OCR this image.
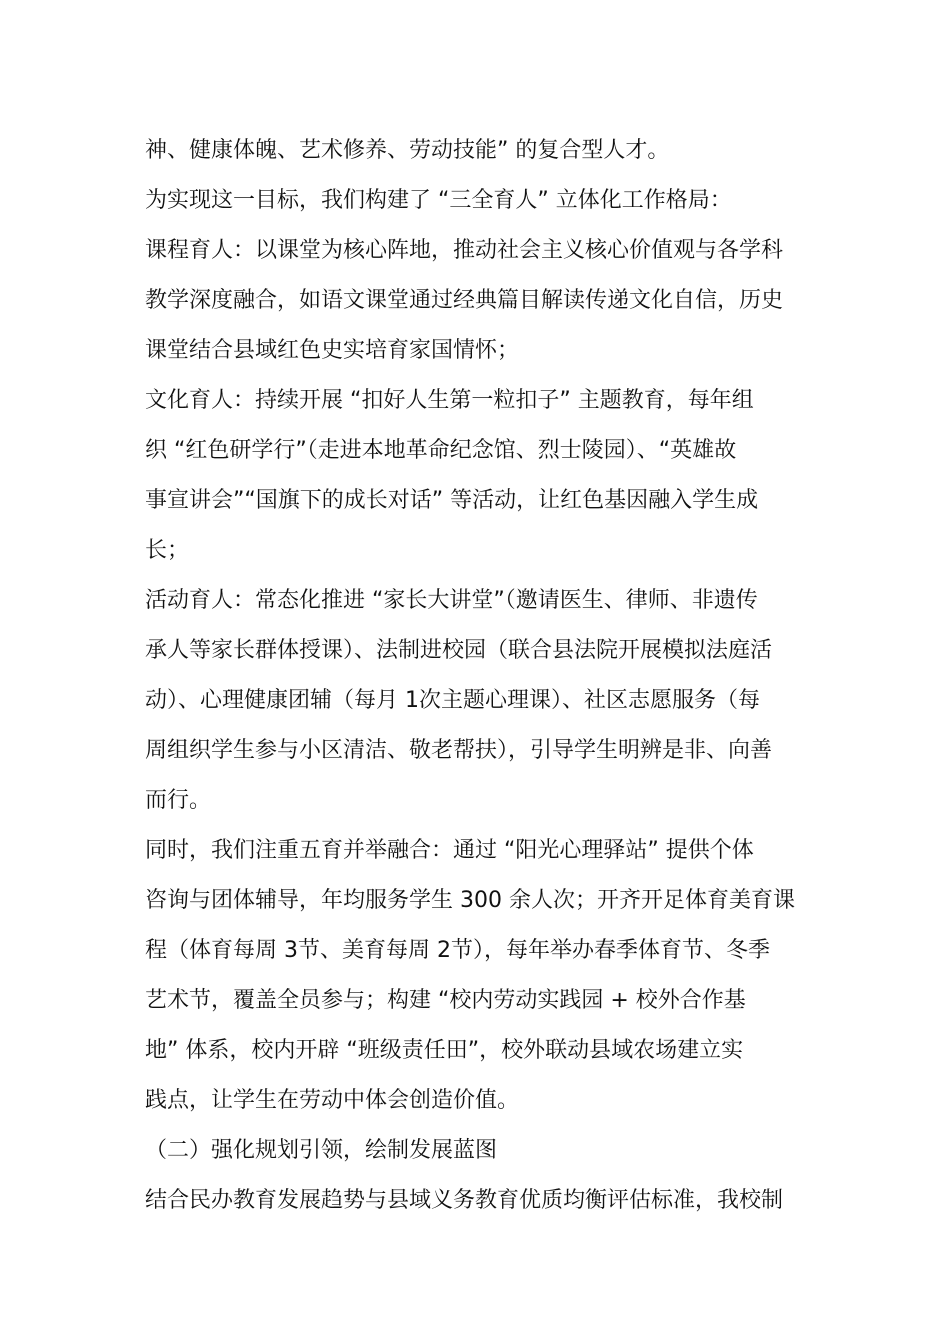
神、健康体魄、艺术修养、劳动技能” 的复合型人才。
为实现这一目标，我们构建了 “三全育人” 立体化工作格局：
课程育人：以课堂为核心阵地，推动社会主义核心价值观与各学科
教学深度融合，如语文课堂通过经典篇目解读传递文化自信，历史
课堂结合县域红色史实培育家国情怀；
文化育人：持续开展 “扣好人生第一粒扣子” 主题教育，每年组
织 “红色研学行”（走进本地革命纪念馆、烈士陵园）、“英雄故
事宣讲会”“国旗下的成长对话” 等活动，让红色基因融入学生成
长；
活动育人：常态化推进 “家长大讲堂”（邀请医生、律师、非遗传
承人等家长群体授课）、法制进校园（联合县法院开展模拟法庭活
动）、心理健康团辅（每月 1次主题心理课）、社区志愿服务（每
周组织学生参与小区清洁、敬老帮扶），引导学生明辨是非、向善
而行。
同时，我们注重五育并举融合：通过 “阳光心理驿站” 提供个体
咨询与团体辅导，年均服务学生 300 余人次；开齐开足体育美育课
程（体育每周 3节、美育每周 2节），每年举办春季体育节、冬季
艺术节，覆盖全员参与；构建 “校内劳动实践园 + 校外合作基
地” 体系，校内开辟 “班级责任田”，校外联动县域农场建立实
践点，让学生在劳动中体会创造价值。
（二）强化规划引领，绘制发展蓝图
结合民办教育发展趋势与县域义务教育优质均衡评估标准，我校制
